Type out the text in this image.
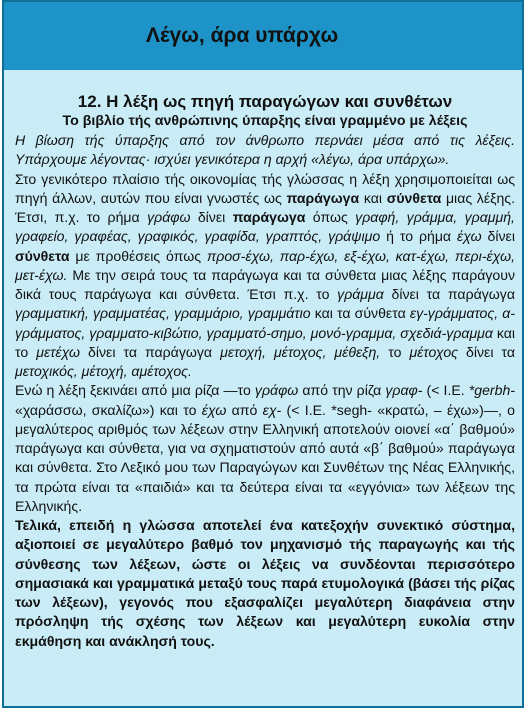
Λέγω, άρα υπάρχω
12. Η λέξη ως πηγή παραγώγων και συνθέτων
Το βιβλίο τής ανθρώπινης ύπαρξης είναι γραμμένο με λέξεις

Η βίωση τής ύπαρξης από τον άνθρωπο περνάει μέσα από τις λέξεις. Υπάρχουμε λέγοντας· ισχύει γενικότερα η αρχή «λέγω, άρα υπάρχω».

Στο γενικότερο πλαίσιο τής οικονομίας τής γλώσσας η λέξη χρησιμοποιείται ως πηγή άλλων, αυτών που είναι γνωστές ως παράγωγα και σύνθετα μιας λέξης. Έτσι, π.χ. το ρήμα γράφω δίνει παράγωγα όπως γραφή, γράμμα, γραμμή, γραφείο, γραφέας, γραφικός, γραφίδα, γραπτός, γράψιμο ή το ρήμα έχω δίνει σύνθετα με προθέσεις όπως προσ-έχω, παρ-έχω, εξ-έχω, κατ-έχω, περι-έχω, μετ-έχω. Με την σειρά τους τα παράγωγα και τα σύνθετα μιας λέξης παράγουν δικά τους παράγωγα και σύνθετα. Έτσι π.χ. το γράμμα δίνει τα παράγωγα γραμματική, γραμματέας, γραμμάριο, γραμμάτιο και τα σύνθετα εγ-γράμματος, α-γράμματος, γραμματο-κιβώτιο, γραμματό-σημο, μονό-γραμμα, σχεδιά-γραμμα και το μετέχω δίνει τα παράγωγα μετοχή, μέτοχος, μέθεξη, το μέτοχος δίνει τα μετοχικός, μέτοχή, αμέτοχος.

Ενώ η λέξη ξεκινάει από μια ρίζα —το γράφω από την ρίζα γραφ- (< I.E. *gerbh- «χαράσσω, σκαλίζω») και το έχω από εχ- (< I.E. *segh- «κρατώ, – έχω»)—, ο μεγαλύτερος αριθμός των λέξεων στην Ελληνική αποτελούν οιονεί «α΄ βαθμού» παράγωγα και σύνθετα, για να σχηματιστούν από αυτά «β΄ βαθμού» παράγωγα και σύνθετα. Στο Λεξικό μου των Παραγώγων και Συνθέτων της Νέας Ελληνικής, τα πρώτα είναι τα «παιδιά» και τα δεύτερα είναι τα «εγγόνια» των λέξεων της Ελληνικής.

Τελικά, επειδή η γλώσσα αποτελεί ένα κατεξοχήν συνεκτικό σύστημα, αξιοποιεί σε μεγαλύτερο βαθμό τον μηχανισμό τής παραγωγής και τής σύνθεσης των λέξεων, ώστε οι λέξεις να συνδέονται περισσότερο σημασιακά και γραμματικά μεταξύ τους παρά ετυμολογικά (βάσει τής ρίζας των λέξεων), γεγονός που εξασφαλίζει μεγαλύτερη διαφάνεια στην πρόσληψη τής σχέσης των λέξεων και μεγαλύτερη ευκολία στην εκμάθηση και ανάκλησή τους.
